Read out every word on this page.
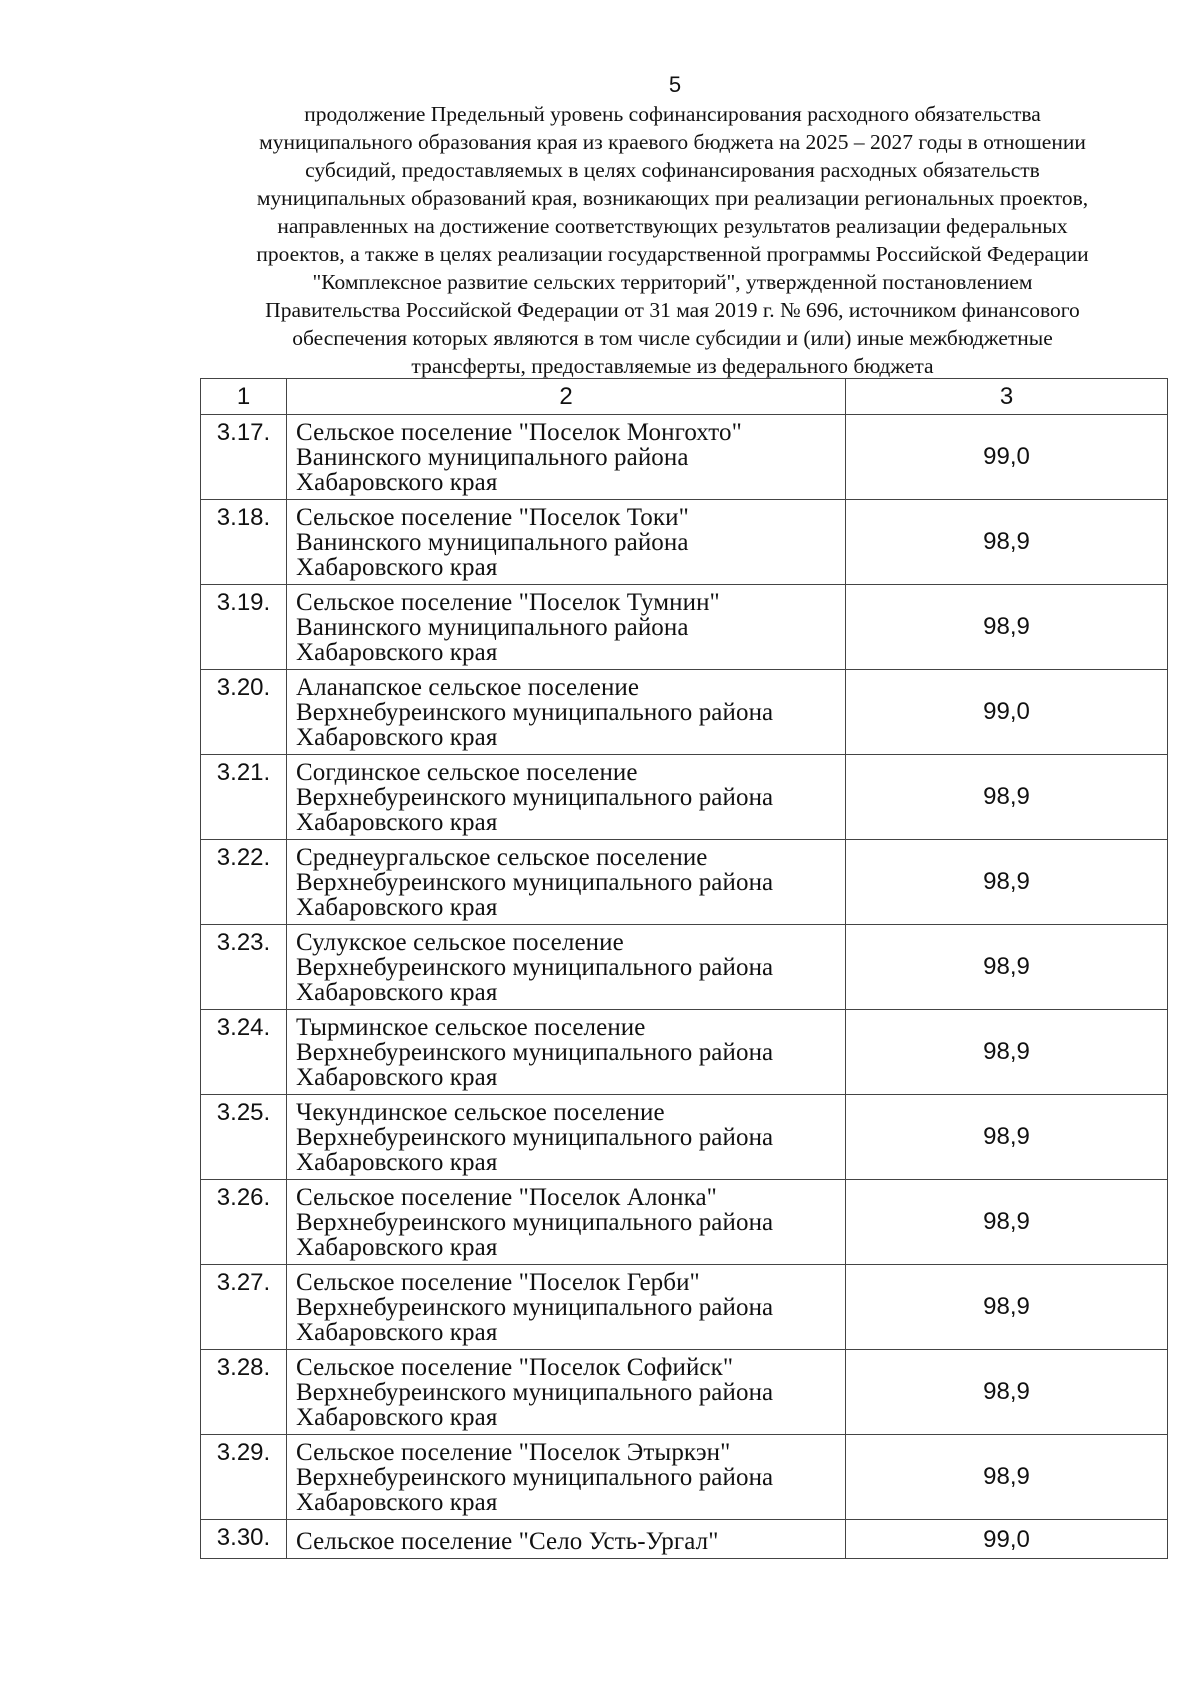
5
продолжение Предельный уровень софинансирования расходного обязательства
муниципального образования края из краевого бюджета на 2025 – 2027 годы в отношении
субсидий, предоставляемых в целях софинансирования расходных обязательств
муниципальных образований края, возникающих при реализации региональных проектов,
направленных на достижение соответствующих результатов реализации федеральных
проектов, а также в целях реализации государственной программы Российской Федерации
"Комплексное развитие сельских территорий", утвержденной постановлением
Правительства Российской Федерации от 31 мая 2019 г. № 696, источником финансового
обеспечения которых являются в том числе субсидии и (или) иные межбюджетные
трансферты, предоставляемые из федерального бюджета
1	2	3
3.17.	Сельское поселение "Поселок Монгохто"
Ванинского муниципального района
Хабаровского края	99,0
3.18.	Сельское поселение "Поселок Токи"
Ванинского муниципального района
Хабаровского края	98,9
3.19.	Сельское поселение "Поселок Тумнин"
Ванинского муниципального района
Хабаровского края	98,9
3.20.	Аланапское сельское поселение
Верхнебуреинского муниципального района
Хабаровского края	99,0
3.21.	Согдинское сельское поселение
Верхнебуреинского муниципального района
Хабаровского края	98,9
3.22.	Среднеургальское сельское поселение
Верхнебуреинского муниципального района
Хабаровского края	98,9
3.23.	Сулукское сельское поселение
Верхнебуреинского муниципального района
Хабаровского края	98,9
3.24.	Тырминское сельское поселение
Верхнебуреинского муниципального района
Хабаровского края	98,9
3.25.	Чекундинское сельское поселение
Верхнебуреинского муниципального района
Хабаровского края	98,9
3.26.	Сельское поселение "Поселок Алонка"
Верхнебуреинского муниципального района
Хабаровского края	98,9
3.27.	Сельское поселение "Поселок Герби"
Верхнебуреинского муниципального района
Хабаровского края	98,9
3.28.	Сельское поселение "Поселок Софийск"
Верхнебуреинского муниципального района
Хабаровского края	98,9
3.29.	Сельское поселение "Поселок Этыркэн"
Верхнебуреинского муниципального района
Хабаровского края	98,9
3.30.	Сельское поселение "Село Усть-Ургал"	99,0
